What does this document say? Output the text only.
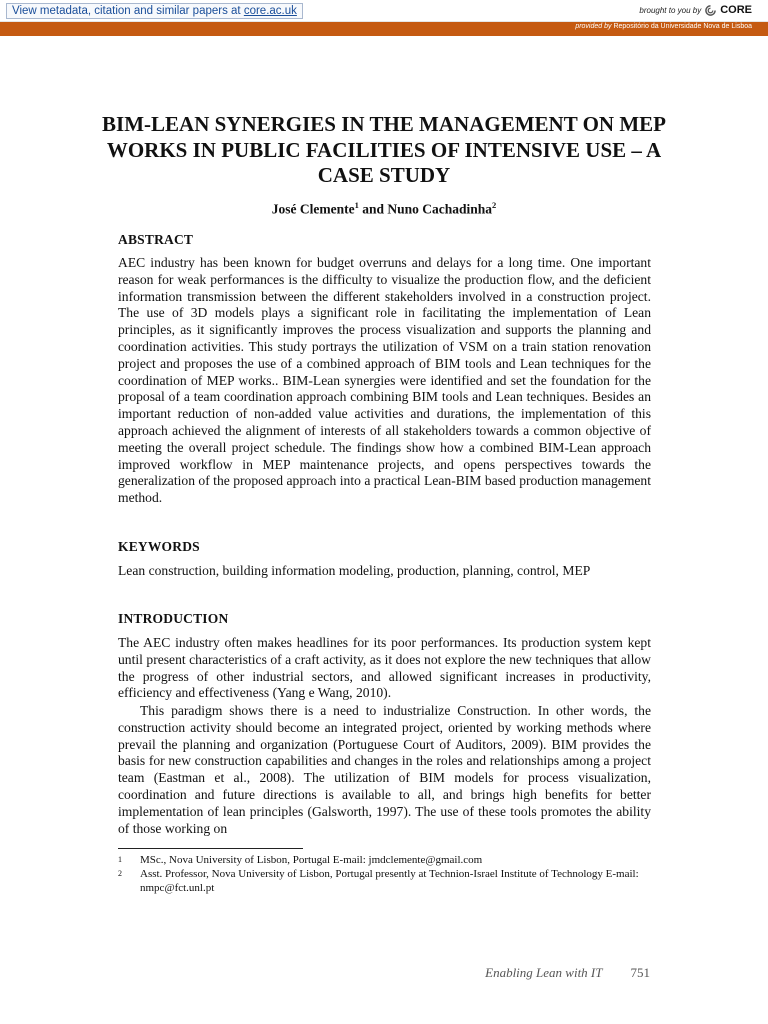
View metadata, citation and similar papers at core.ac.uk	brought to you by CORE
provided by Repositório da Universidade Nova de Lisboa
BIM-LEAN SYNERGIES IN THE MANAGEMENT ON MEP WORKS IN PUBLIC FACILITIES OF INTENSIVE USE – A CASE STUDY
José Clemente$^1$ and Nuno Cachadinha$^2$
ABSTRACT

AEC industry has been known for budget overruns and delays for a long time. One important reason for weak performances is the difficulty to visualize the production flow, and the deficient information transmission between the different stakeholders involved in a construction project. The use of 3D models plays a significant role in facilitating the implementation of Lean principles, as it significantly improves the process visualization and supports the planning and coordination activities. This study portrays the utilization of VSM on a train station renovation project and proposes the use of a combined approach of BIM tools and Lean techniques for the coordination of MEP works.. BIM-Lean synergies were identified and set the foundation for the proposal of a team coordination approach combining BIM tools and Lean techniques. Besides an important reduction of non-added value activities and durations, the implementation of this approach achieved the alignment of interests of all stakeholders towards a common objective of meeting the overall project schedule. The findings show how a combined BIM-Lean approach improved workflow in MEP maintenance projects, and opens perspectives towards the generalization of the proposed approach into a practical Lean-BIM based production management method.

KEYWORDS

Lean construction, building information modeling, production, planning, control, MEP

INTRODUCTION

The AEC industry often makes headlines for its poor performances. Its production system kept until present characteristics of a craft activity, as it does not explore the new techniques that allow the progress of other industrial sectors, and allowed significant increases in productivity, efficiency and effectiveness (Yang e Wang, 2010).

This paradigm shows there is a need to industrialize Construction. In other words, the construction activity should become an integrated project, oriented by working methods where prevail the planning and organization (Portuguese Court of Auditors, 2009). BIM provides the basis for new construction capabilities and changes in the roles and relationships among a project team (Eastman et al., 2008). The utilization of BIM models for process visualization, coordination and future directions is available to all, and brings high benefits for better implementation of lean principles (Galsworth, 1997). The use of these tools promotes the ability of those working on

1	MSc., Nova University of Lisbon, Portugal E-mail: jmdclemente@gmail.com
2	Asst. Professor, Nova University of Lisbon, Portugal presently at Technion-Israel Institute of Technology E-mail: nmpc@fct.unl.pt
Enabling Lean with IT 751
